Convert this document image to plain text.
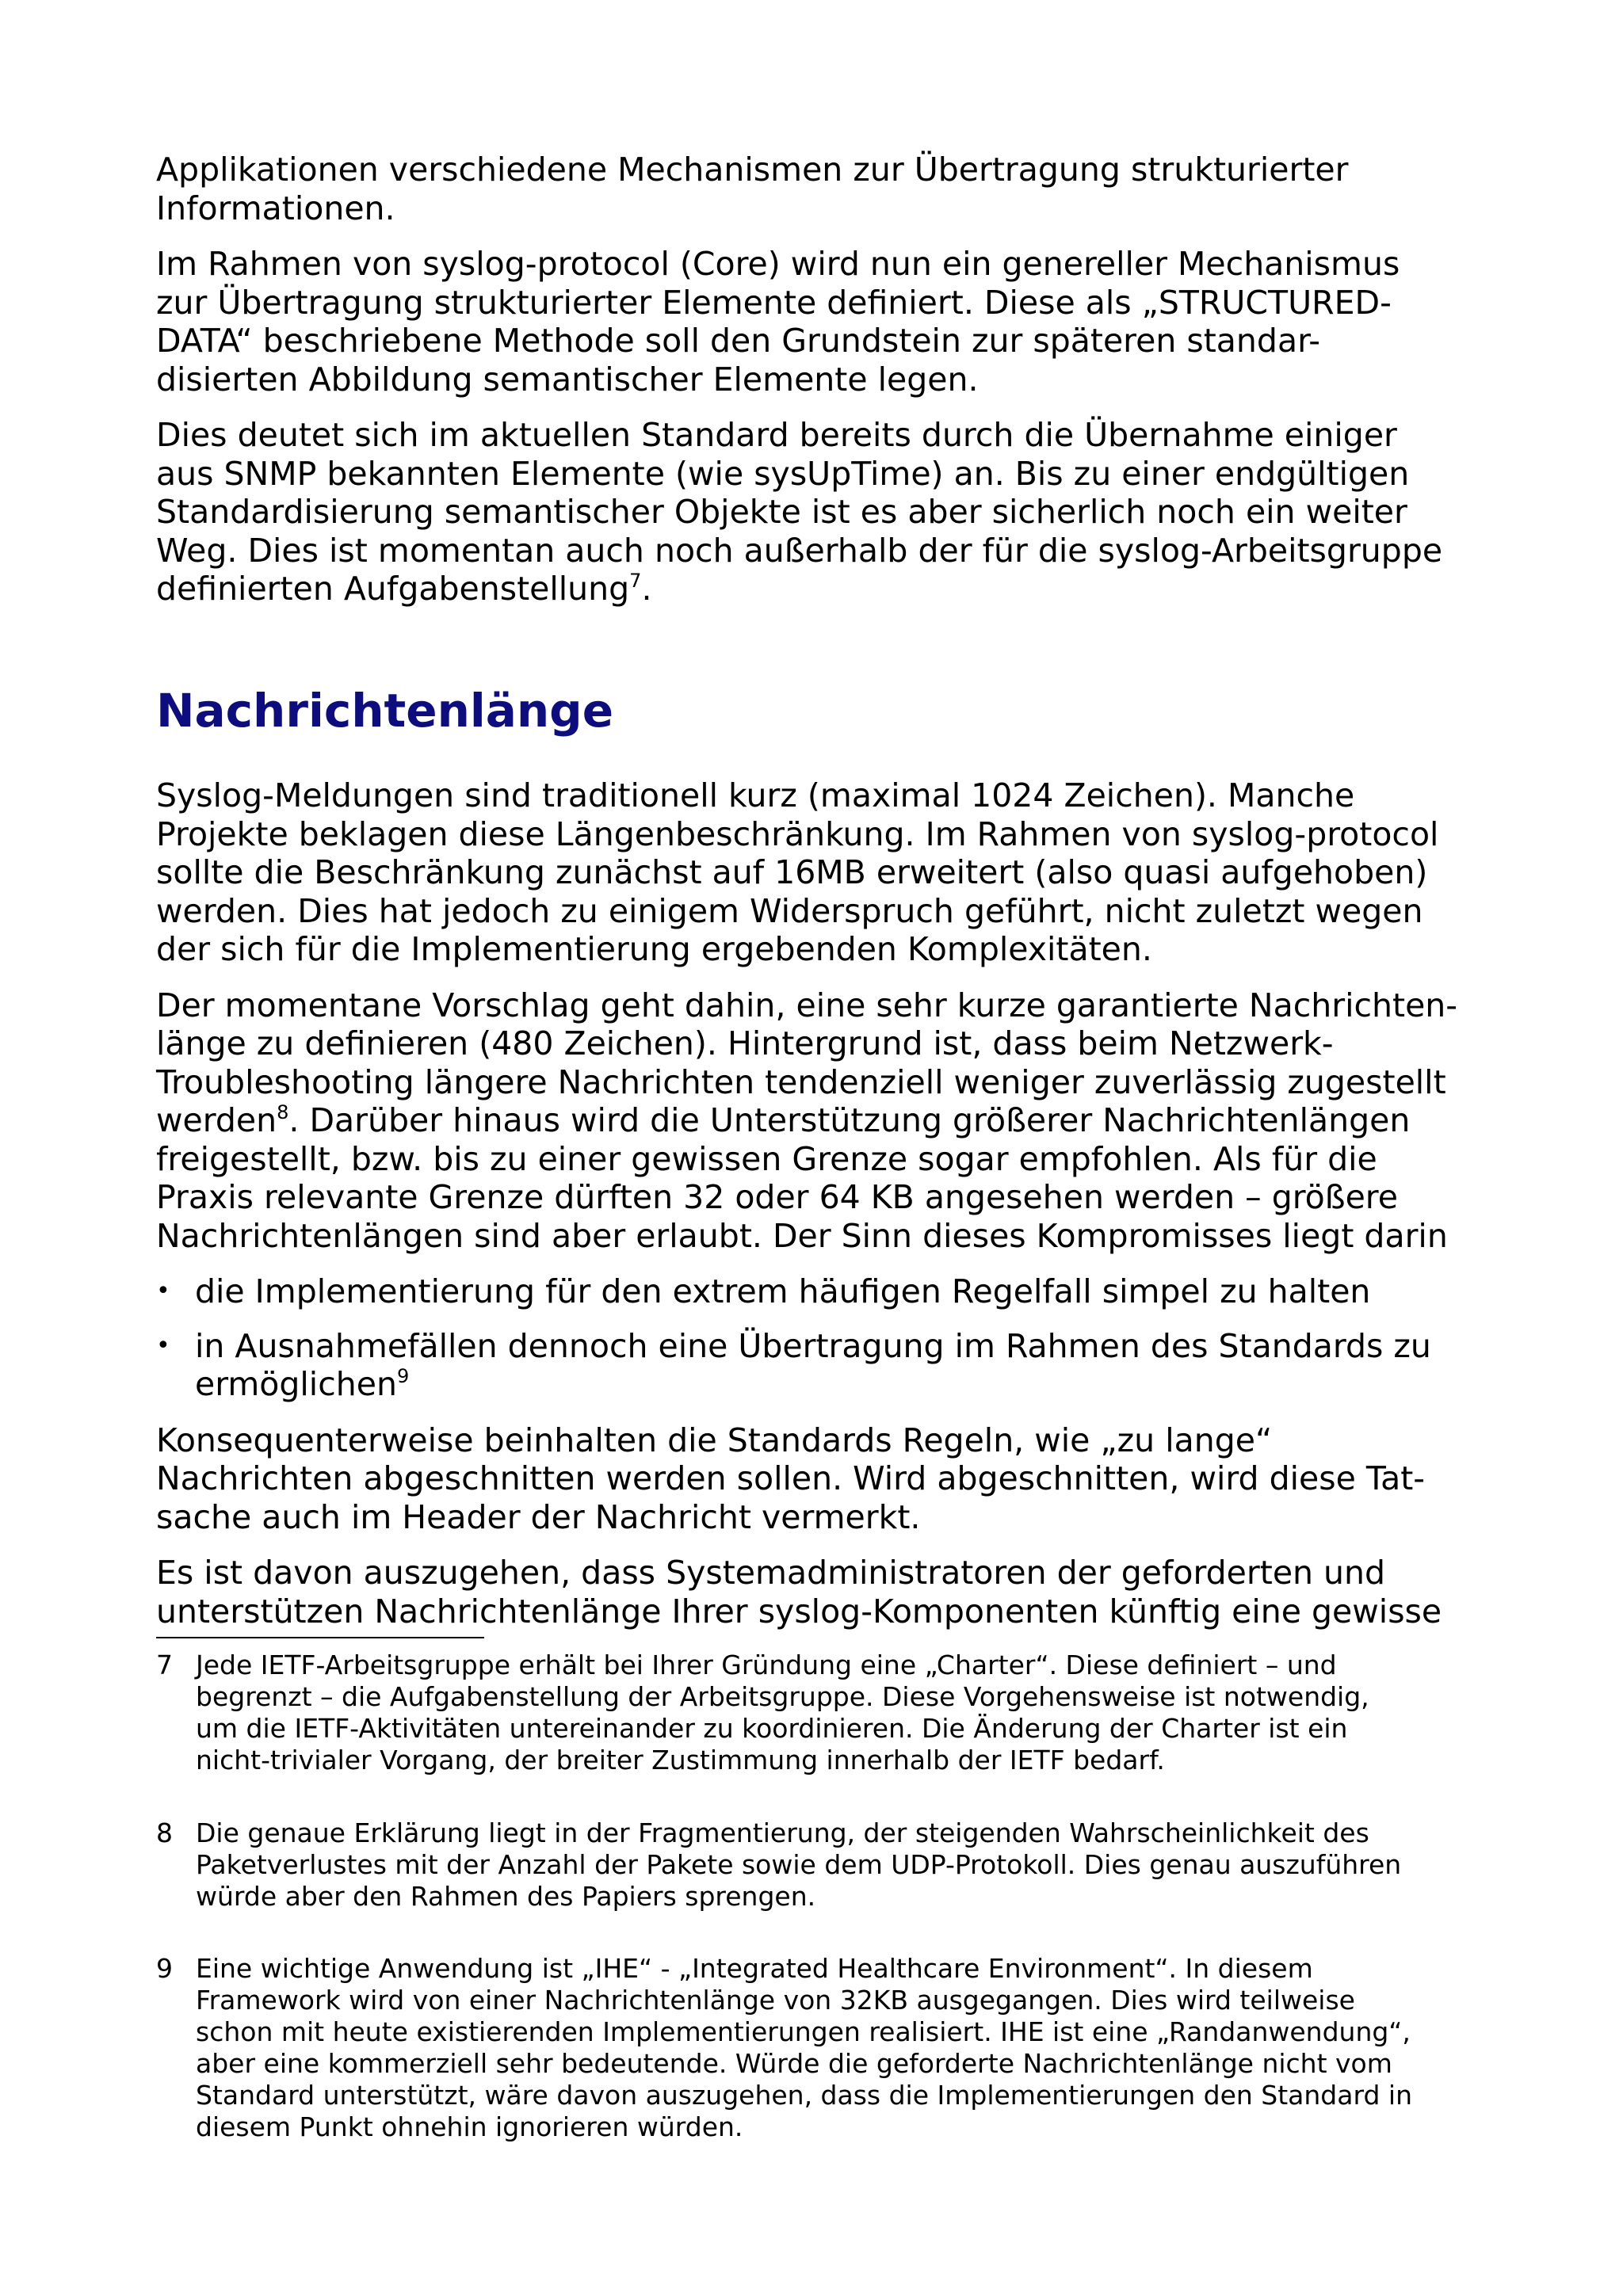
Applikationen verschiedene Mechanismen zur Übertragung strukturierter
Informationen.

Im Rahmen von syslog-protocol (Core) wird nun ein genereller Mechanismus
zur Übertragung strukturierter Elemente definiert. Diese als „STRUCTURED-
DATA“ beschriebene Methode soll den Grundstein zur späteren standar-
disierten Abbildung semantischer Elemente legen.

Dies deutet sich im aktuellen Standard bereits durch die Übernahme einiger
aus SNMP bekannten Elemente (wie sysUpTime) an. Bis zu einer endgültigen
Standardisierung semantischer Objekte ist es aber sicherlich noch ein weiter
Weg. Dies ist momentan auch noch außerhalb der für die syslog-Arbeitsgruppe
definierten Aufgabenstellung$^7$.

Nachrichtenlänge

Syslog-Meldungen sind traditionell kurz (maximal 1024 Zeichen). Manche
Projekte beklagen diese Längenbeschränkung. Im Rahmen von syslog-protocol
sollte die Beschränkung zunächst auf 16MB erweitert (also quasi aufgehoben)
werden. Dies hat jedoch zu einigem Widerspruch geführt, nicht zuletzt wegen
der sich für die Implementierung ergebenden Komplexitäten.

Der momentane Vorschlag geht dahin, eine sehr kurze garantierte Nachrichten-
länge zu definieren (480 Zeichen). Hintergrund ist, dass beim Netzwerk-
Troubleshooting längere Nachrichten tendenziell weniger zuverlässig zugestellt
werden$^8$. Darüber hinaus wird die Unterstützung größerer Nachrichtenlängen
freigestellt, bzw. bis zu einer gewissen Grenze sogar empfohlen. Als für die
Praxis relevante Grenze dürften 32 oder 64 KB angesehen werden – größere
Nachrichtenlängen sind aber erlaubt. Der Sinn dieses Kompromisses liegt darin

• die Implementierung für den extrem häufigen Regelfall simpel zu halten
• in Ausnahmefällen dennoch eine Übertragung im Rahmen des Standards zu
ermöglichen$^9$

Konsequenterweise beinhalten die Standards Regeln, wie „zu lange“
Nachrichten abgeschnitten werden sollen. Wird abgeschnitten, wird diese Tat-
sache auch im Header der Nachricht vermerkt.

Es ist davon auszugehen, dass Systemadministratoren der geforderten und
unterstützen Nachrichtenlänge Ihrer syslog-Komponenten künftig eine gewisse

7 Jede IETF-Arbeitsgruppe erhält bei Ihrer Gründung eine „Charter“. Diese definiert – und
begrenzt – die Aufgabenstellung der Arbeitsgruppe. Diese Vorgehensweise ist notwendig,
um die IETF-Aktivitäten untereinander zu koordinieren. Die Änderung der Charter ist ein
nicht-trivialer Vorgang, der breiter Zustimmung innerhalb der IETF bedarf.
8 Die genaue Erklärung liegt in der Fragmentierung, der steigenden Wahrscheinlichkeit des
Paketverlustes mit der Anzahl der Pakete sowie dem UDP-Protokoll. Dies genau auszuführen
würde aber den Rahmen des Papiers sprengen.
9 Eine wichtige Anwendung ist „IHE“ - „Integrated Healthcare Environment“. In diesem
Framework wird von einer Nachrichtenlänge von 32KB ausgegangen. Dies wird teilweise
schon mit heute existierenden Implementierungen realisiert. IHE ist eine „Randanwendung“,
aber eine kommerziell sehr bedeutende. Würde die geforderte Nachrichtenlänge nicht vom
Standard unterstützt, wäre davon auszugehen, dass die Implementierungen den Standard in
diesem Punkt ohnehin ignorieren würden.
